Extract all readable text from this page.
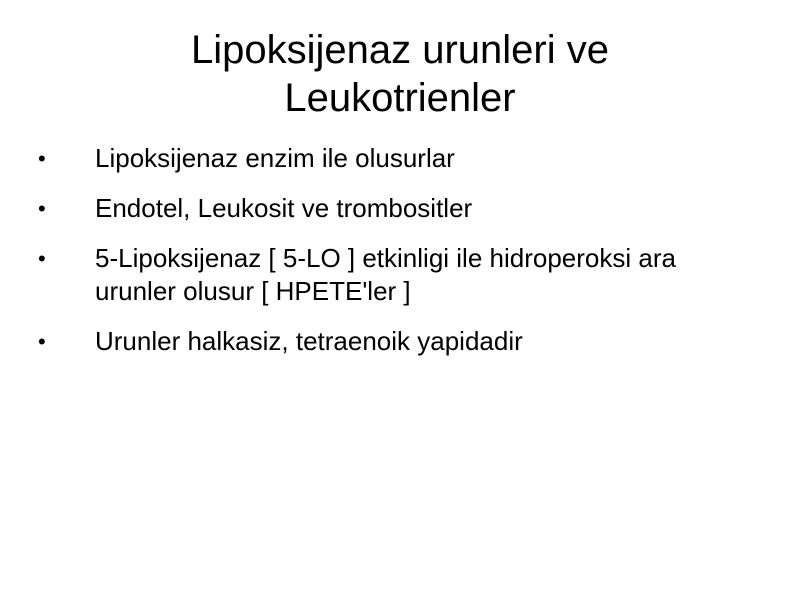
Lipoksijenaz urunleri ve
Leukotrienler
•	Lipoksijenaz enzim ile olusurlar
•	Endotel, Leukosit ve trombositler
•	5-Lipoksijenaz [ 5-LO ] etkinligi ile hidroperoksi ara urunler olusur [ HPETE'ler ]
•	Urunler halkasiz, tetraenoik yapidadir
